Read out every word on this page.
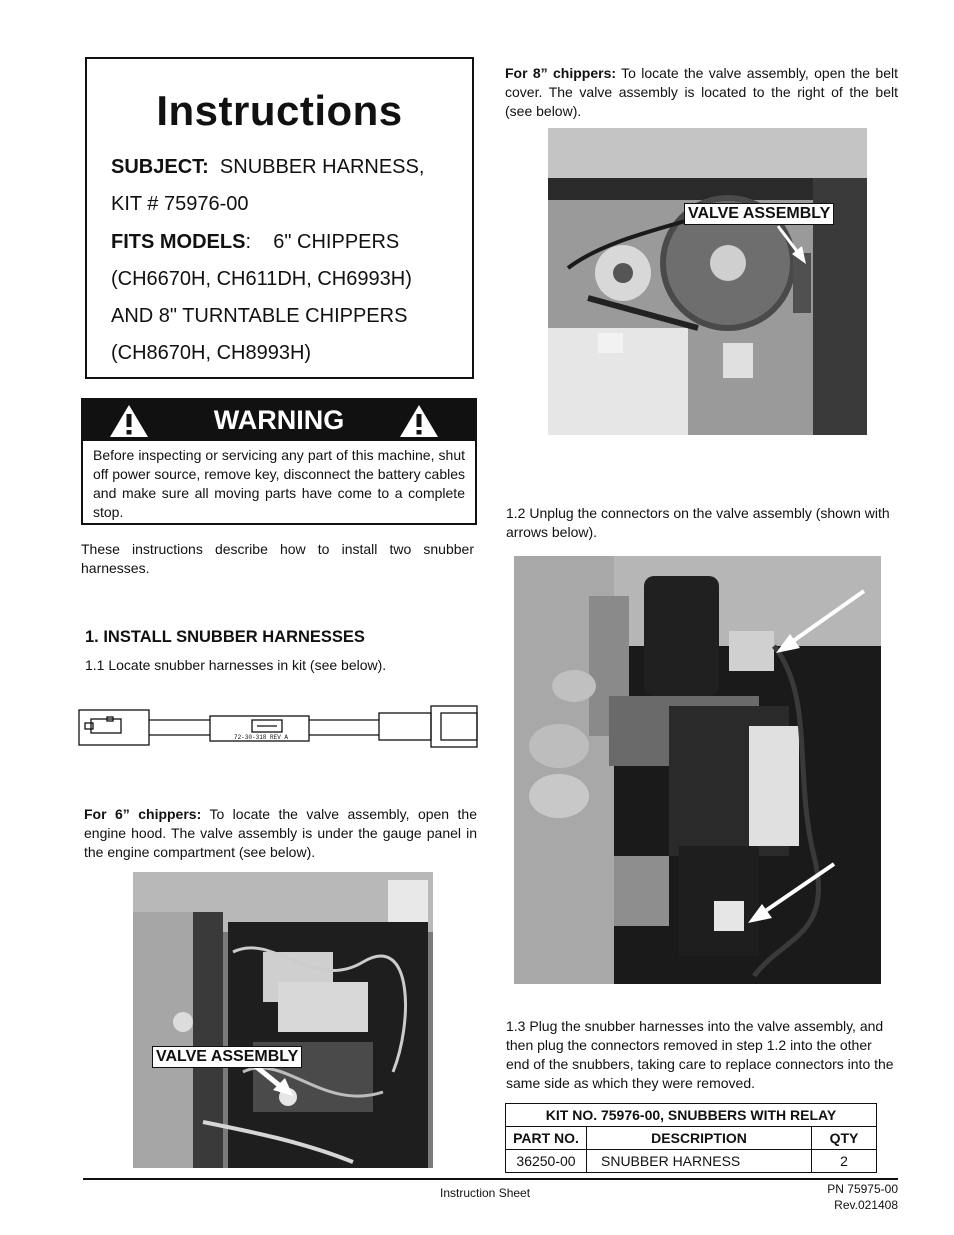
Instructions
SUBJECT: SNUBBER HARNESS,
KIT # 75976-00
FITS MODELS: 6" CHIPPERS
(CH6670H, CH611DH, CH6993H)
AND 8" TURNTABLE CHIPPERS
(CH8670H, CH8993H)
WARNING
Before inspecting or servicing any part of this machine, shut off power source, remove key, disconnect the battery cables and make sure all moving parts have come to a complete stop.
These instructions describe how to install two snubber harnesses.
1. INSTALL SNUBBER HARNESSES
1.1 Locate snubber harnesses in kit (see below).
72-30-318 REV A
For 6” chippers: To locate the valve assembly, open the engine hood. The valve assembly is under the gauge panel in the engine compartment (see below).
VALVE ASSEMBLY
For 8” chippers: To locate the valve assembly, open the belt cover. The valve assembly is located to the right of the belt (see below).
VALVE ASSEMBLY
1.2 Unplug the connectors on the valve assembly (shown with arrows below).
1.3 Plug the snubber harnesses into the valve assembly, and then plug the connectors removed in step 1.2 into the other end of the snubbers, taking care to replace connectors into the same side as which they were removed.
KIT NO. 75976-00, SNUBBERS WITH RELAY		
PART NO.	DESCRIPTION	QTY
36250-00	SNUBBER HARNESS	2
Instruction Sheet	PN 75975-00
Rev.021408
